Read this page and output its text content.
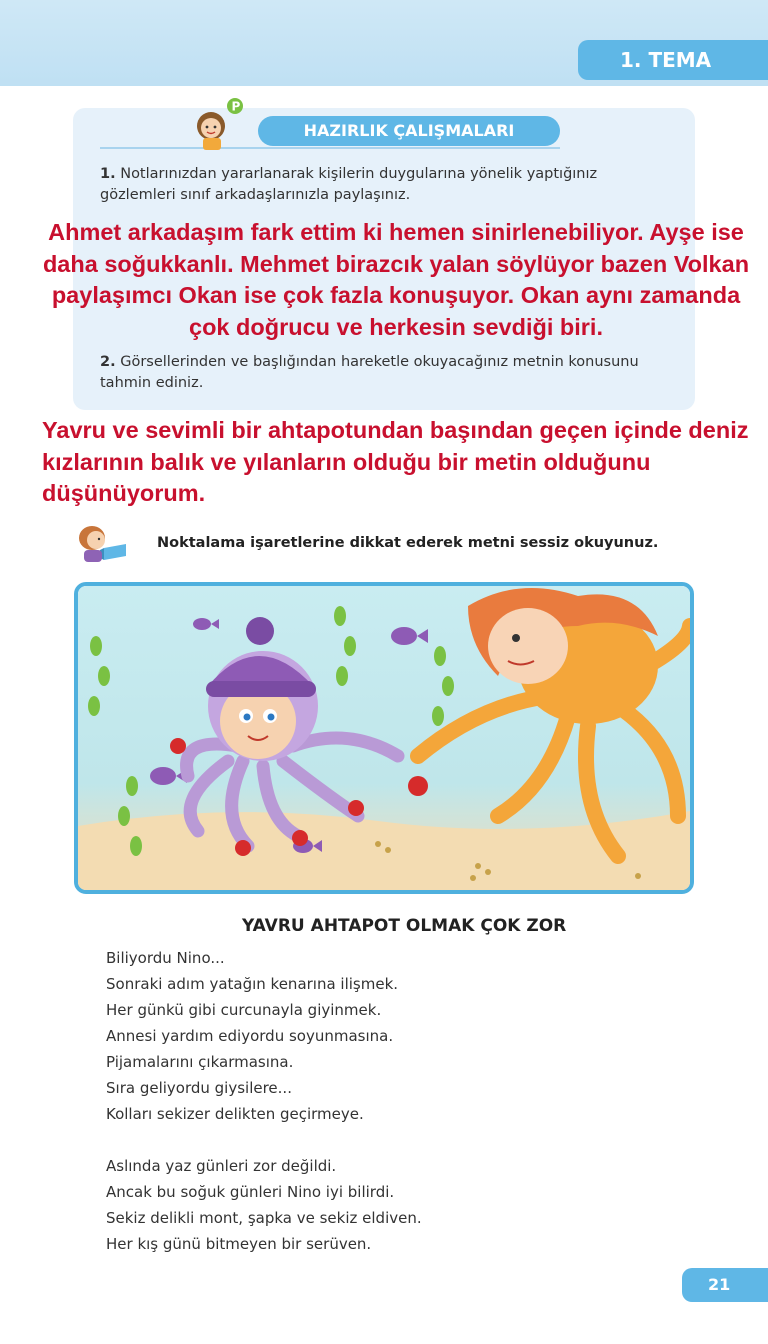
1. TEMA
HAZIRLIK ÇALIŞMALARI
P
1. Notlarınızdan yararlanarak kişilerin duygularına yönelik yaptığınız gözlemleri sınıf arkadaşlarınızla paylaşınız.
Ahmet arkadaşım fark ettim ki hemen sinirlenebiliyor. Ayşe ise daha soğukkanlı. Mehmet birazcık yalan söylüyor bazen Volkan paylaşımcı Okan ise çok fazla konuşuyor. Okan aynı zamanda çok doğrucu ve herkesin sevdiği biri.
2. Görsellerinden ve başlığından hareketle okuyacağınız metnin konusunu tahmin ediniz.
Yavru ve sevimli bir ahtapotundan başından geçen içinde deniz kızlarının balık ve yılanların olduğu bir metin olduğunu düşünüyorum.
Noktalama işaretlerine dikkat ederek metni sessiz okuyunuz.
YAVRU AHTAPOT OLMAK ÇOK ZOR
Biliyordu Nino...
Sonraki adım yatağın kenarına ilişmek.
Her günkü gibi curcunayla giyinmek.
Annesi yardım ediyordu soyunmasına.
Pijamalarını çıkarmasına.
Sıra geliyordu giysilere...
Kolları sekizer delikten geçirmeye.
Aslında yaz günleri zor değildi.
Ancak bu soğuk günleri Nino iyi bilirdi.
Sekiz delikli mont, şapka ve sekiz eldiven.
Her kış günü bitmeyen bir serüven.
21
